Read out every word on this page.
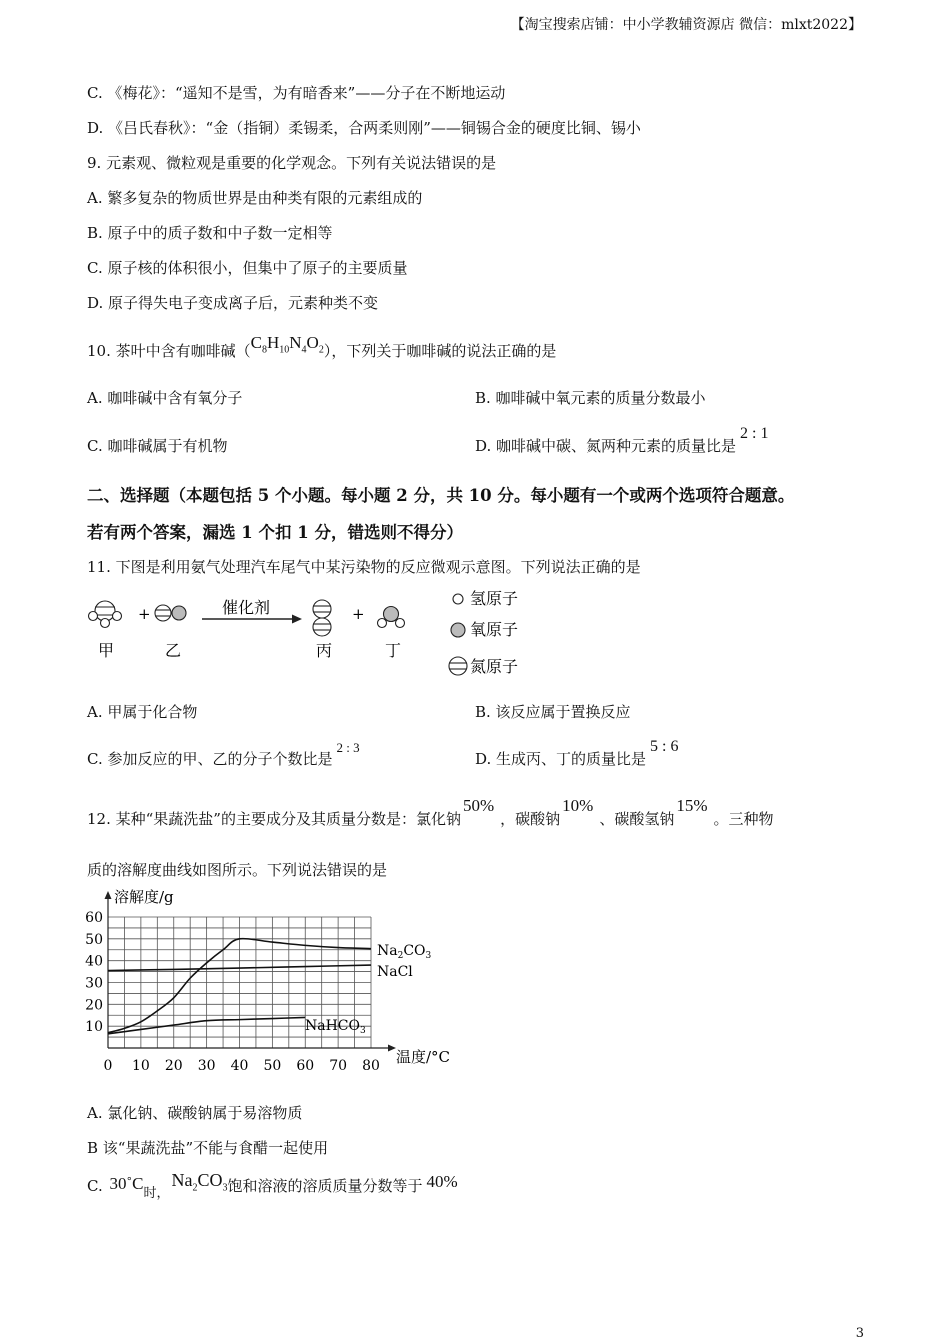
【淘宝搜索店铺：中小学教辅资源店 微信：mlxt2022】
C. 《梅花》：“遥知不是雪，为有暗香来”——分子在不断地运动
D. 《吕氏春秋》：“金（指铜）柔锡柔，合两柔则刚”——铜锡合金的硬度比铜、锡小
9. 元素观、微粒观是重要的化学观念。下列有关说法错误的是
A. 繁多复杂的物质世界是由种类有限的元素组成的
B. 原子中的质子数和中子数一定相等
C. 原子核的体积很小，但集中了原子的主要质量
D. 原子得失电子变成离子后，元素种类不变
10. 茶叶中含有咖啡碱$(C_8H_{10}N_4O_2)$，下列关于咖啡碱的说法正确的是
A. 咖啡碱中含有氧分子	B. 咖啡碱中氧元素的质量分数最小
C. 咖啡碱属于有机物	D. 咖啡碱中碳、氮两种元素的质量比是2 : 1
二、选择题（本题包括 5 个小题。每小题 2 分，共 10 分。每小题有一个或两个选项符合题意。
若有两个答案，漏选 1 个扣 1 分，错选则不得分）
11. 下图是利用氨气处理汽车尾气中某污染物的反应微观示意图。下列说法正确的是
+	催化剂	+
甲	乙	丙	丁
氢原子
氧原子
氮原子
A. 甲属于化合物	B. 该反应属于置换反应
C. 参加反应的甲、乙的分子个数比是2 : 3
D. 生成丙、丁的质量比是5 : 6
12. 某种“果蔬洗盐”的主要成分及其质量分数是：氯化钠50%，碳酸钠10%、碳酸氢钠15%。三种物
质的溶解度曲线如图所示。下列说法错误的是
0 10 20 30 40 50 60 70 80
10
20
30
40
50
60
溶解度/g
温度/°C
$Na_2CO_3$
NaCl
NaHCO$_3$
A. 氯化钠、碳酸钠属于易溶物质
B 该“果蔬洗盐”不能与食醋一起使用
C. 30˚C时，$Na_2CO_3$饱和溶液的溶质质量分数等于 40%
3
